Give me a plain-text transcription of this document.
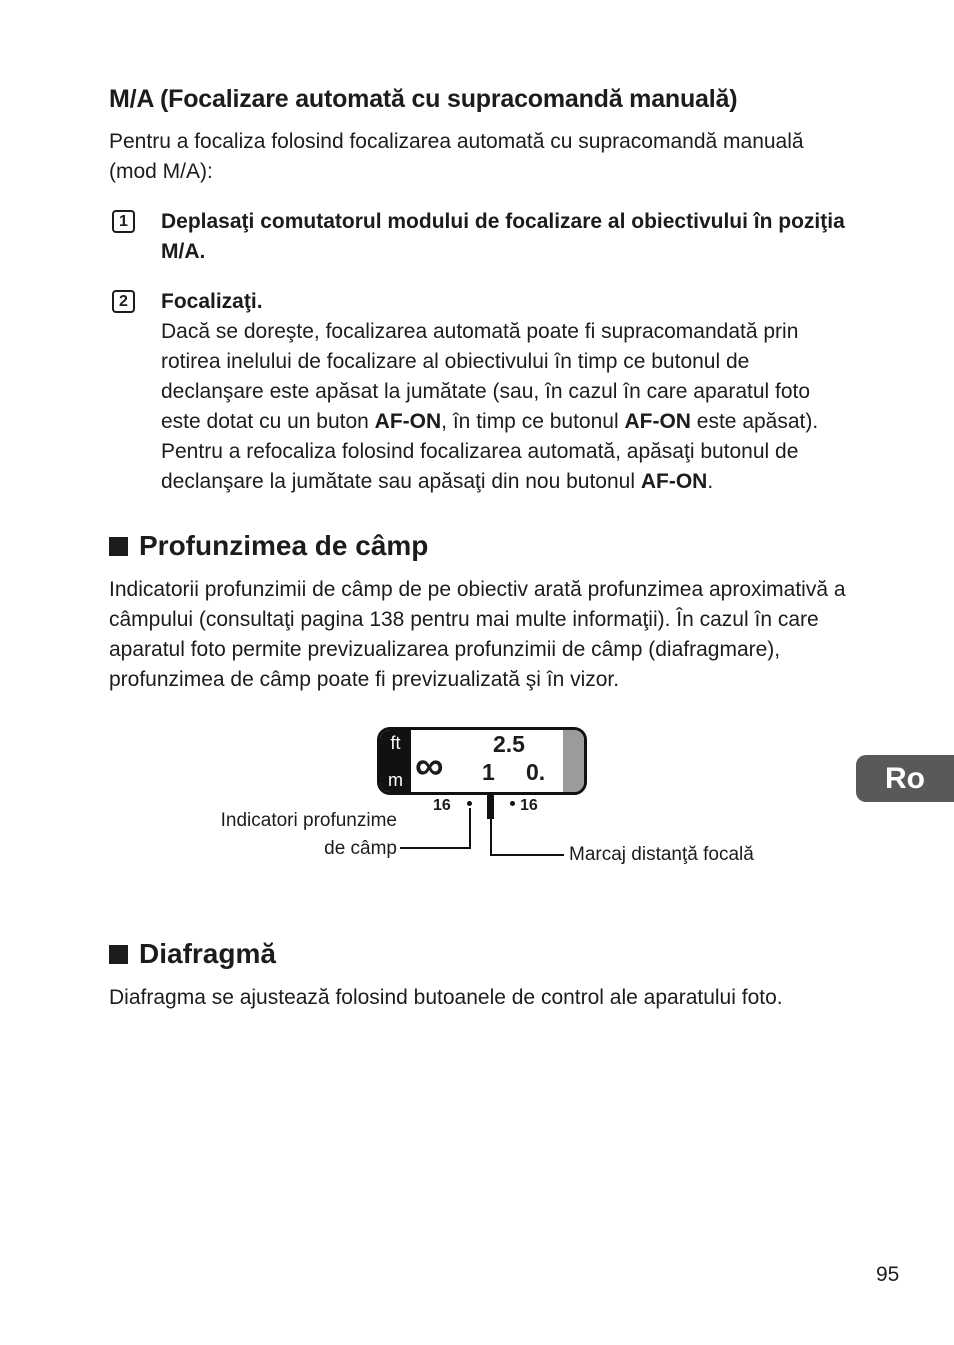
M/A (Focalizare automată cu supracomandă manuală)

Pentru a focaliza folosind focalizarea automată cu supracomandă manuală (mod M/A):

1	Deplasaţi comutatorul modului de focalizare al obiectivului în poziţia M/A.

2	Focalizaţi.

Dacă se doreşte, focalizarea automată poate fi supracomandată prin rotirea inelului de focalizare al obiectivului în timp ce butonul de declanşare este apăsat la jumătate (sau, în cazul în care aparatul foto este dotat cu un buton AF-ON, în timp ce butonul AF-ON este apăsat). Pentru a refocaliza folosind focalizarea automată, apăsaţi butonul de declanşare la jumătate sau apăsaţi din nou butonul AF-ON.

Profunzimea de câmp

Indicatorii profunzimii de câmp de pe obiectiv arată profunzimea aproximativă a câmpului (consultaţi pagina 138 pentru mai multe informaţii). În cazul în care aparatul foto permite previzualizarea profunzimii de câmp (diafragmare), profunzimea de câmp poate fi previzualizată şi în vizor.

ft
m ∞ 2.5
1 0.
16	16
Indicatori profunzime
de câmp	Marcaj distanţă focală
Diafragmă

Diafragma se ajustează folosind butoanele de control ale aparatului foto.

Ro
95
